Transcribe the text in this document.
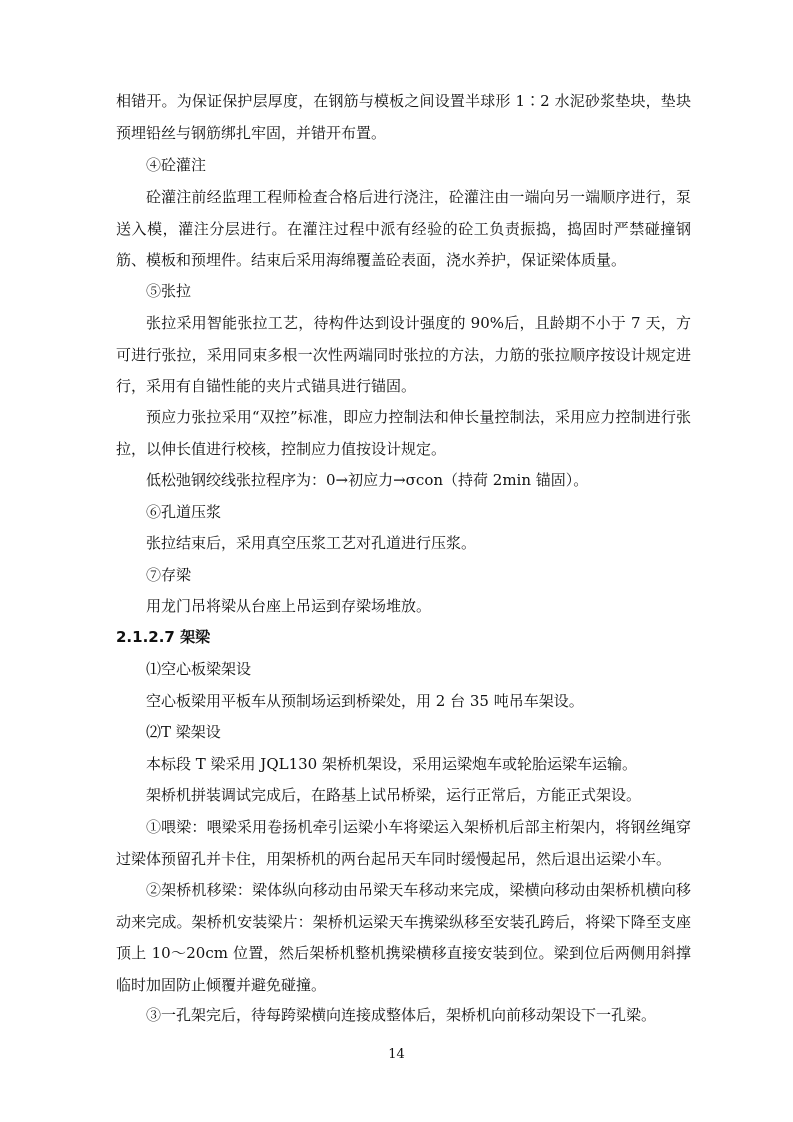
相错开。为保证保护层厚度，在钢筋与模板之间设置半球形 1∶2 水泥砂浆垫块，垫块预埋铅丝与钢筋绑扎牢固，并错开布置。

④砼灌注

砼灌注前经监理工程师检查合格后进行浇注，砼灌注由一端向另一端顺序进行，泵送入模，灌注分层进行。在灌注过程中派有经验的砼工负责振捣，捣固时严禁碰撞钢筋、模板和预埋件。结束后采用海绵覆盖砼表面，浇水养护，保证梁体质量。

⑤张拉

张拉采用智能张拉工艺，待构件达到设计强度的 90%后，且龄期不小于 7 天，方可进行张拉，采用同束多根一次性两端同时张拉的方法，力筋的张拉顺序按设计规定进行，采用有自锚性能的夹片式锚具进行锚固。

预应力张拉采用“双控”标准，即应力控制法和伸长量控制法，采用应力控制进行张拉，以伸长值进行校核，控制应力值按设计规定。

低松弛钢绞线张拉程序为：0→初应力→σcon（持荷 2min 锚固）。

⑥孔道压浆

张拉结束后，采用真空压浆工艺对孔道进行压浆。

⑦存梁

用龙门吊将梁从台座上吊运到存梁场堆放。

2.1.2.7 架梁

⑴空心板梁架设

空心板梁用平板车从预制场运到桥梁处，用 2 台 35 吨吊车架设。

⑵T 梁架设

本标段 T 梁采用 JQL130 架桥机架设，采用运梁炮车或轮胎运梁车运输。

架桥机拼装调试完成后，在路基上试吊桥梁，运行正常后，方能正式架设。

①喂梁：喂梁采用卷扬机牵引运梁小车将梁运入架桥机后部主桁架内，将钢丝绳穿过梁体预留孔并卡住，用架桥机的两台起吊天车同时缓慢起吊，然后退出运梁小车。

②架桥机移梁：梁体纵向移动由吊梁天车移动来完成，梁横向移动由架桥机横向移动来完成。架桥机安装梁片：架桥机运梁天车携梁纵移至安装孔跨后，将梁下降至支座顶上 10～20cm 位置，然后架桥机整机携梁横移直接安装到位。梁到位后两侧用斜撑临时加固防止倾覆并避免碰撞。

③一孔架完后，待每跨梁横向连接成整体后，架桥机向前移动架设下一孔梁。

14
